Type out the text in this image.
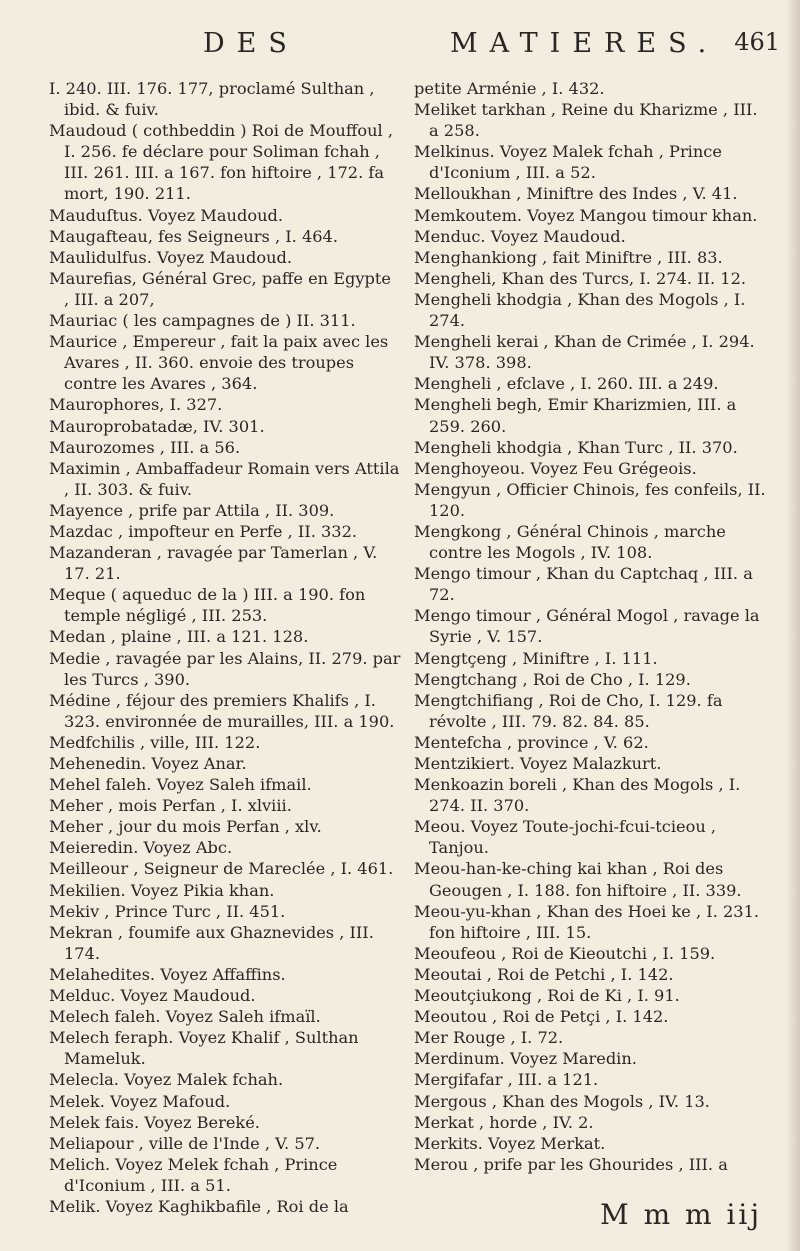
DES	MATIERES. 461

I. 240. III. 176. 177, proclamé Sulthan , ibid. & fuiv.

Maudoud ( cothbeddin ) Roi de Mouffoul , I. 256. fe déclare pour Soliman fchah , III. 261. III. a 167. fon hiftoire , 172. fa mort, 190. 211.

Mauduſtus. Voyez Maudoud.

Maugafteau, fes Seigneurs , I. 464.

Maulidulfus. Voyez Maudoud.

Maurefias, Général Grec, paffe en Egypte , III. a 207,

Mauriac ( les campagnes de ) II. 311.

Maurice , Empereur , fait la paix avec les Avares , II. 360. envoie des troupes contre les Avares , 364.

Maurophores, I. 327.

Mauroprobatadæ, IV. 301.

Maurozomes , III. a 56.

Maximin , Ambaffadeur Romain vers Attila , II. 303. & fuiv.

Mayence , prife par Attila , II. 309.

Mazdac , impofteur en Perfe , II. 332.

Mazanderan , ravagée par Tamerlan , V. 17. 21.

Meque ( aqueduc de la ) III. a 190. fon temple négligé , III. 253.

Medan , plaine , III. a 121. 128.

Medie , ravagée par les Alains, II. 279. par les Turcs , 390.

Médine , féjour des premiers Khalifs , I. 323. environnée de murailles, III. a 190.

Medfchilis , ville, III. 122.

Mehenedin. Voyez Anar.

Mehel faleh. Voyez Saleh ifmail.

Meher , mois Perfan , I. xlviii.

Meher , jour du mois Perfan , xlv.

Meieredin. Voyez Abc.

Meilleour , Seigneur de Mareclée , I. 461.

Mekilien. Voyez Pikia khan.

Mekiv , Prince Turc , II. 451.

Mekran , foumife aux Ghaznevides , III. 174.

Melahedites. Voyez Affaffins.

Melduc. Voyez Maudoud.

Melech faleh. Voyez Saleh ifmaïl.

Melech feraph. Voyez Khalif , Sulthan Mameluk.

Melecla. Voyez Malek fchah.

Melek. Voyez Mafoud.

Melek fais. Voyez Bereké.

Meliapour , ville de l'Inde , V. 57.

Melich. Voyez Melek fchah , Prince d'Iconium , III. a 51.

Melik. Voyez Kaghikbafile , Roi de la

petite Arménie , I. 432.

Meliket tarkhan , Reine du Kharizme , III. a 258.

Melkinus. Voyez Malek fchah , Prince d'Iconium , III. a 52.

Melloukhan , Miniftre des Indes , V. 41.

Memkoutem. Voyez Mangou timour khan.

Menduc. Voyez Maudoud.

Menghankiong , fait Miniftre , III. 83.

Mengheli, Khan des Turcs, I. 274. II. 12.

Mengheli khodgia , Khan des Mogols , I. 274.

Mengheli kerai , Khan de Crimée , I. 294. IV. 378. 398.

Mengheli , efclave , I. 260. III. a 249.

Mengheli begh, Emir Kharizmien, III. a 259. 260.

Mengheli khodgia , Khan Turc , II. 370.

Menghoyeou. Voyez Feu Grégeois.

Mengyun , Officier Chinois, fes confeils, II. 120.

Mengkong , Général Chinois , marche contre les Mogols , IV. 108.

Mengo timour , Khan du Captchaq , III. a 72.

Mengo timour , Général Mogol , ravage la Syrie , V. 157.

Mengtçeng , Miniftre , I. 111.

Mengtchang , Roi de Cho , I. 129.

Mengtchifiang , Roi de Cho, I. 129. fa révolte , III. 79. 82. 84. 85.

Mentefcha , province , V. 62.

Mentzikiert. Voyez Malazkurt.

Menkoazin boreli , Khan des Mogols , I. 274. II. 370.

Meou. Voyez Toute-jochi-fcui-tcieou , Tanjou.

Meou-han-ke-ching kai khan , Roi des Geougen , I. 188. fon hiftoire , II. 339.

Meou-yu-khan , Khan des Hoei ke , I. 231. fon hiftoire , III. 15.

Meoufeou , Roi de Kieoutchi , I. 159.

Meoutai , Roi de Petchi , I. 142.

Meoutçiukong , Roi de Ki , I. 91.

Meoutou , Roi de Petçi , I. 142.

Mer Rouge , I. 72.

Merdinum. Voyez Maredin.

Mergifafar , III. a 121.

Mergous , Khan des Mogols , IV. 13.

Merkat , horde , IV. 2.

Merkits. Voyez Merkat.

Merou , prife par les Ghourides , III. a

M m m iij
